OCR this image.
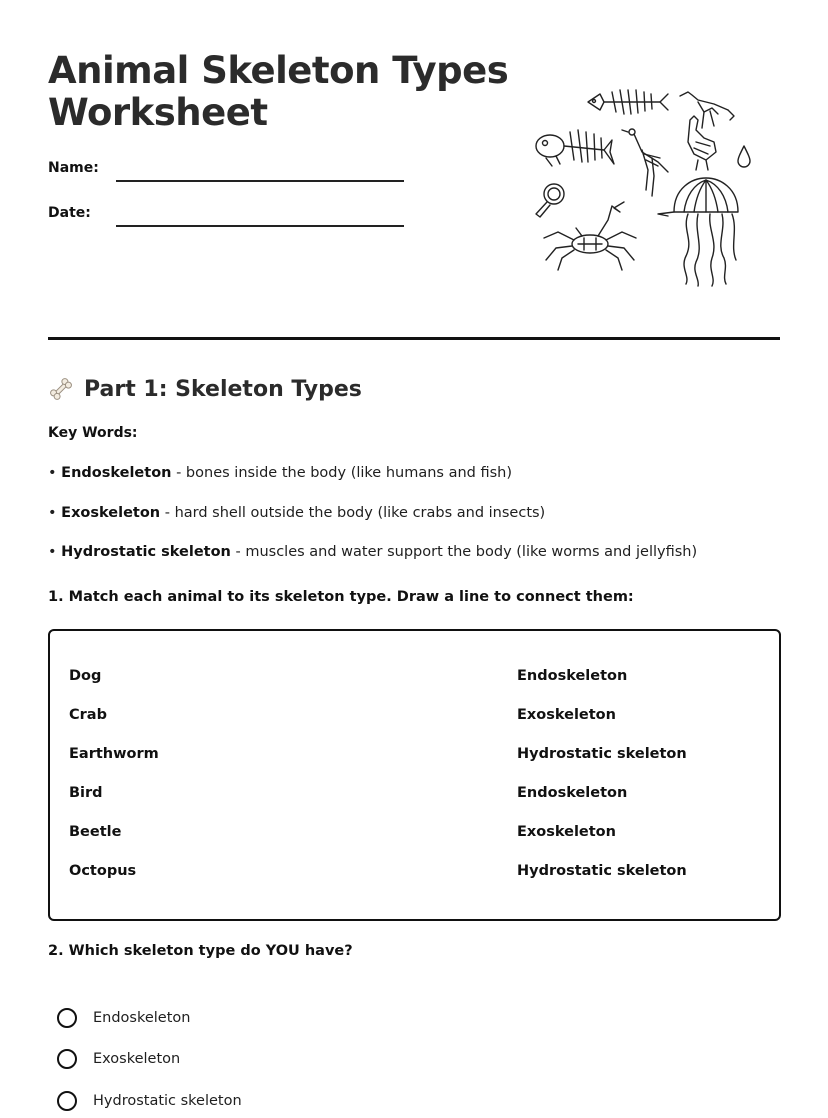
Animal Skeleton Types Worksheet
Name:
Date:
Part 1: Skeleton Types
Key Words:
• Endoskeleton - bones inside the body (like humans and fish)
• Exoskeleton - hard shell outside the body (like crabs and insects)
• Hydrostatic skeleton - muscles and water support the body (like worms and jellyfish)
1. Match each animal to its skeleton type. Draw a line to connect them:
Dog
Crab
Earthworm
Bird
Beetle
Octopus
Endoskeleton
Exoskeleton
Hydrostatic skeleton
Endoskeleton
Exoskeleton
Hydrostatic skeleton
2. Which skeleton type do YOU have?
Endoskeleton
Exoskeleton
Hydrostatic skeleton
